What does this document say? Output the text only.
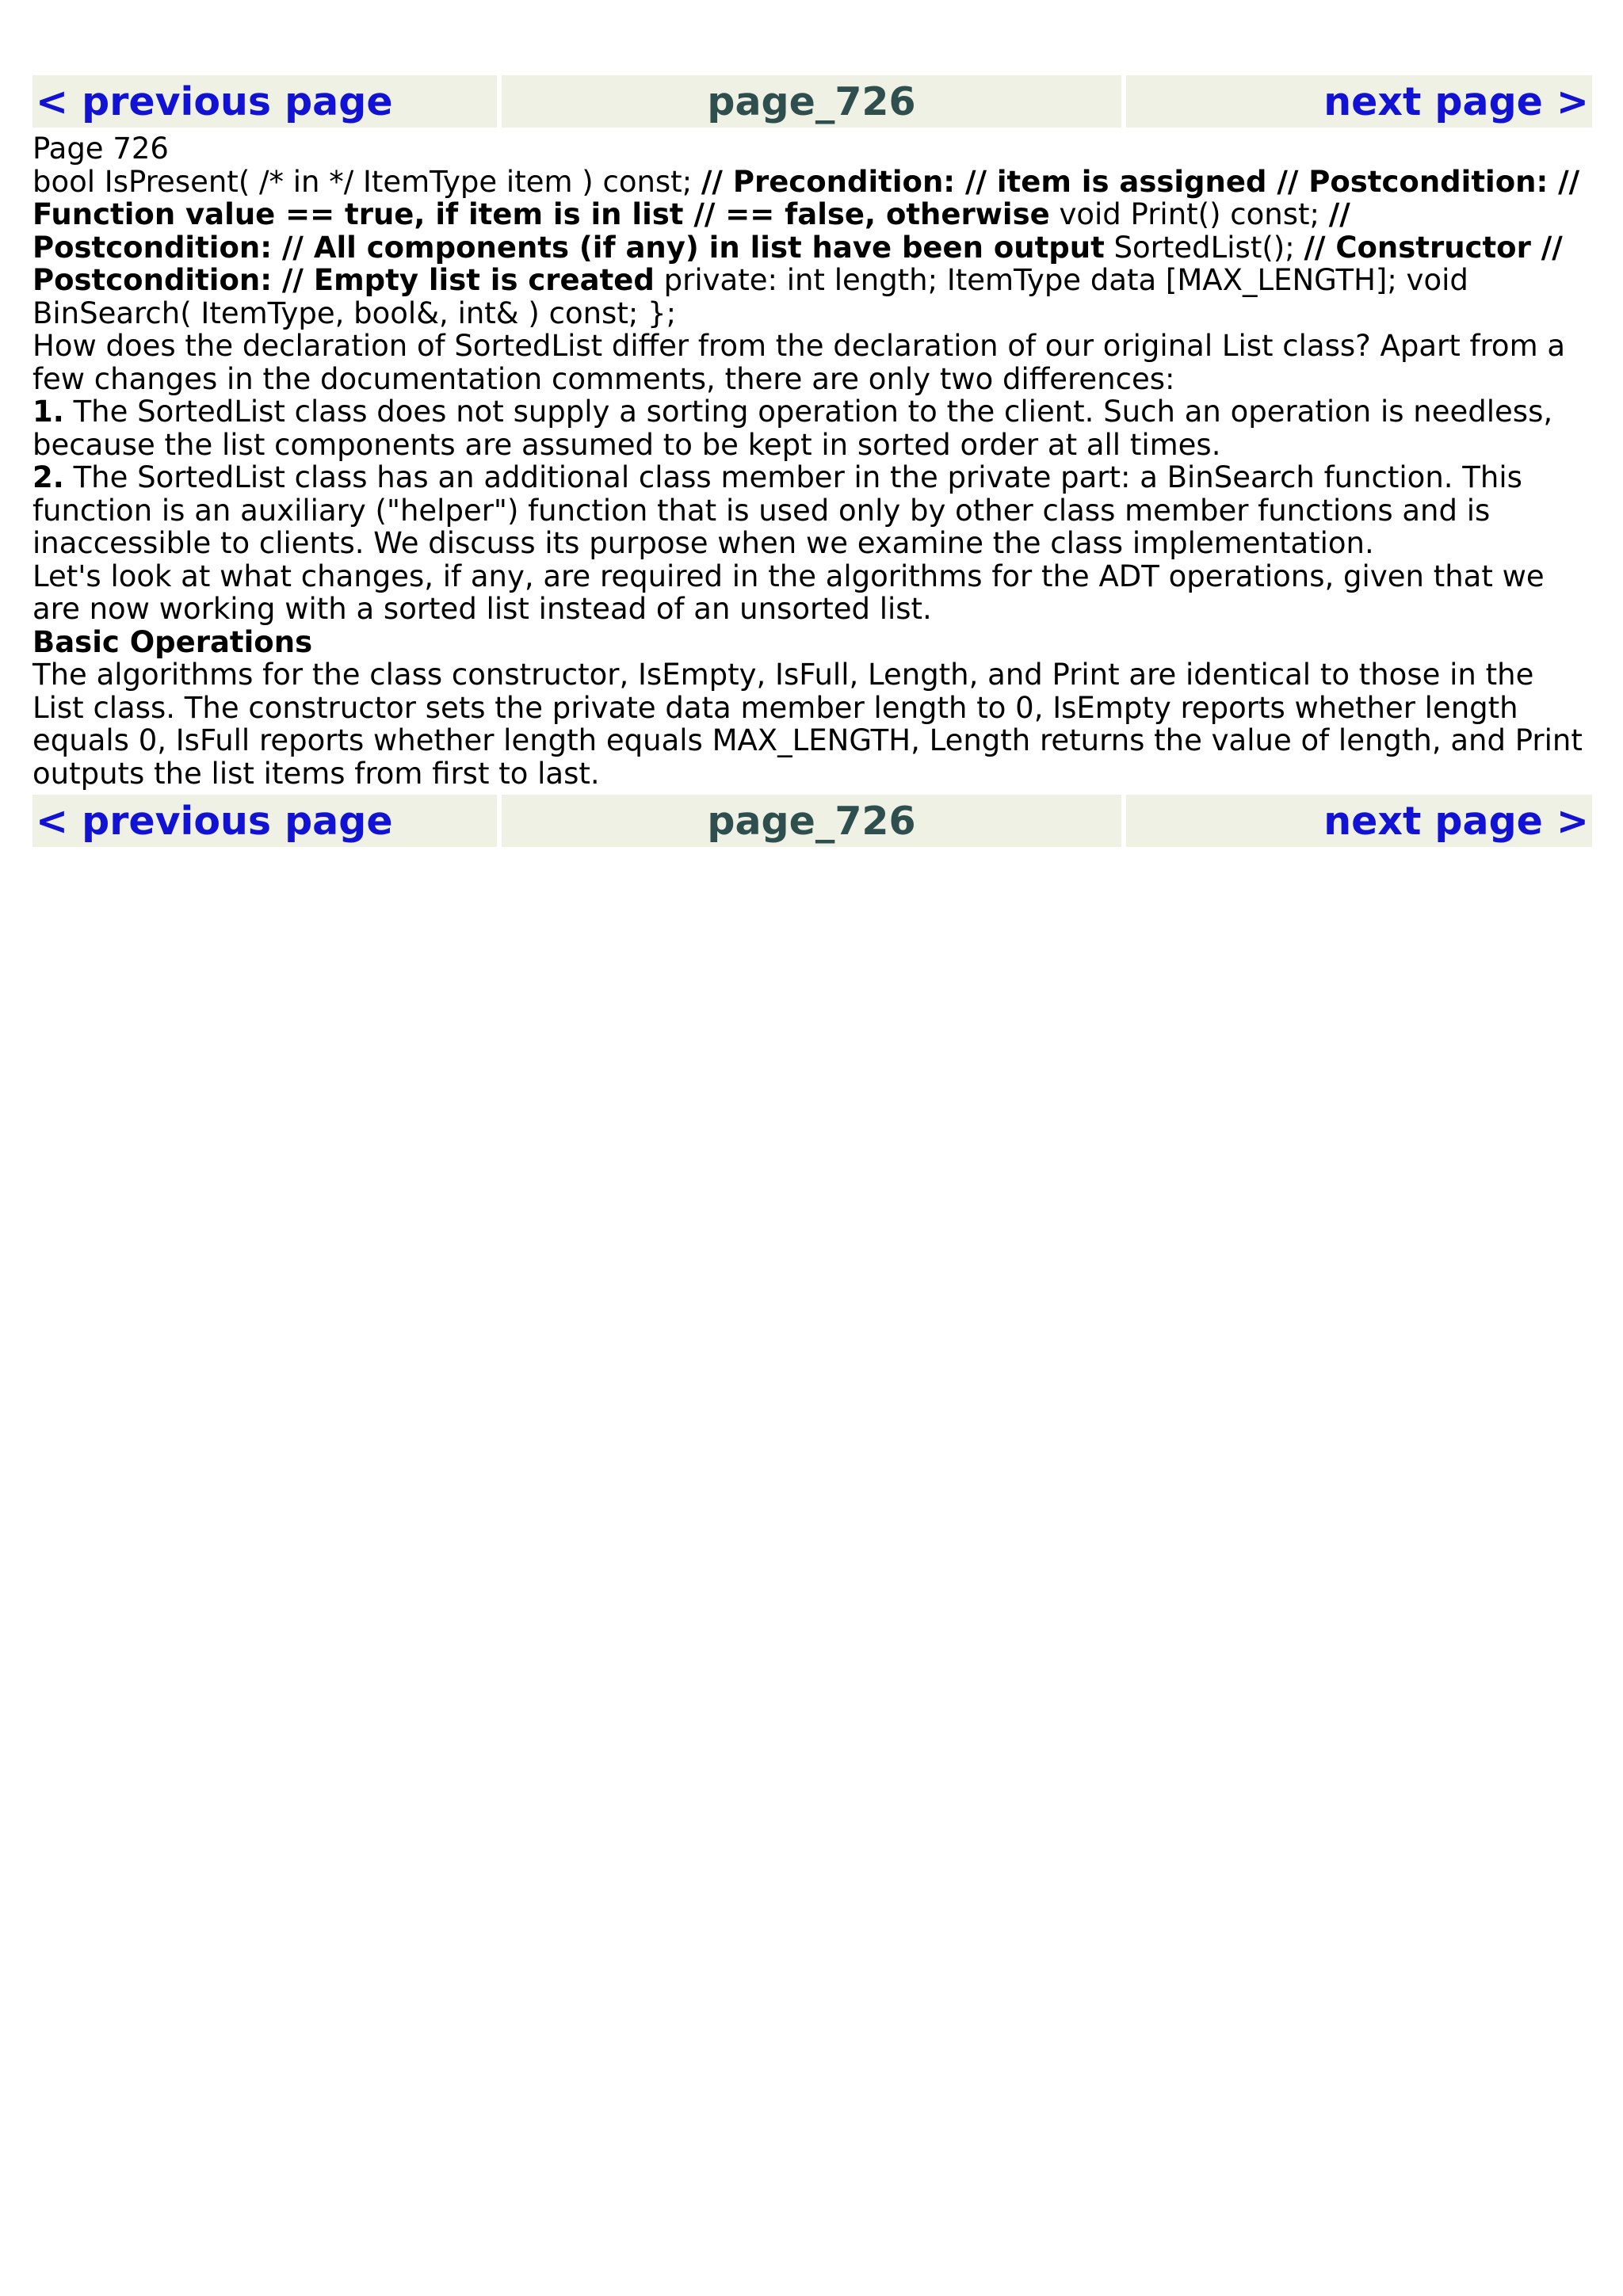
< previous page	page_726	next page >

Page 726

bool IsPresent( /* in */ ItemType item ) const; // Precondition: // item is assigned // Postcondition: // Function value == true, if item is in list // == false, otherwise void Print() const; // Postcondition: // All components (if any) in list have been output SortedList(); // Constructor // Postcondition: // Empty list is created private: int length; ItemType data [MAX_LENGTH]; void BinSearch( ItemType, bool&, int& ) const; };

How does the declaration of SortedList differ from the declaration of our original List class? Apart from a few changes in the documentation comments, there are only two differences:

1. The SortedList class does not supply a sorting operation to the client. Such an operation is needless, because the list components are assumed to be kept in sorted order at all times.

2. The SortedList class has an additional class member in the private part: a BinSearch function. This function is an auxiliary ("helper") function that is used only by other class member functions and is inaccessible to clients. We discuss its purpose when we examine the class implementation.

Let's look at what changes, if any, are required in the algorithms for the ADT operations, given that we are now working with a sorted list instead of an unsorted list.

Basic Operations

The algorithms for the class constructor, IsEmpty, IsFull, Length, and Print are identical to those in the List class. The constructor sets the private data member length to 0, IsEmpty reports whether length equals 0, IsFull reports whether length equals MAX_LENGTH, Length returns the value of length, and Print outputs the list items from first to last.

< previous page	page_726	next page >
